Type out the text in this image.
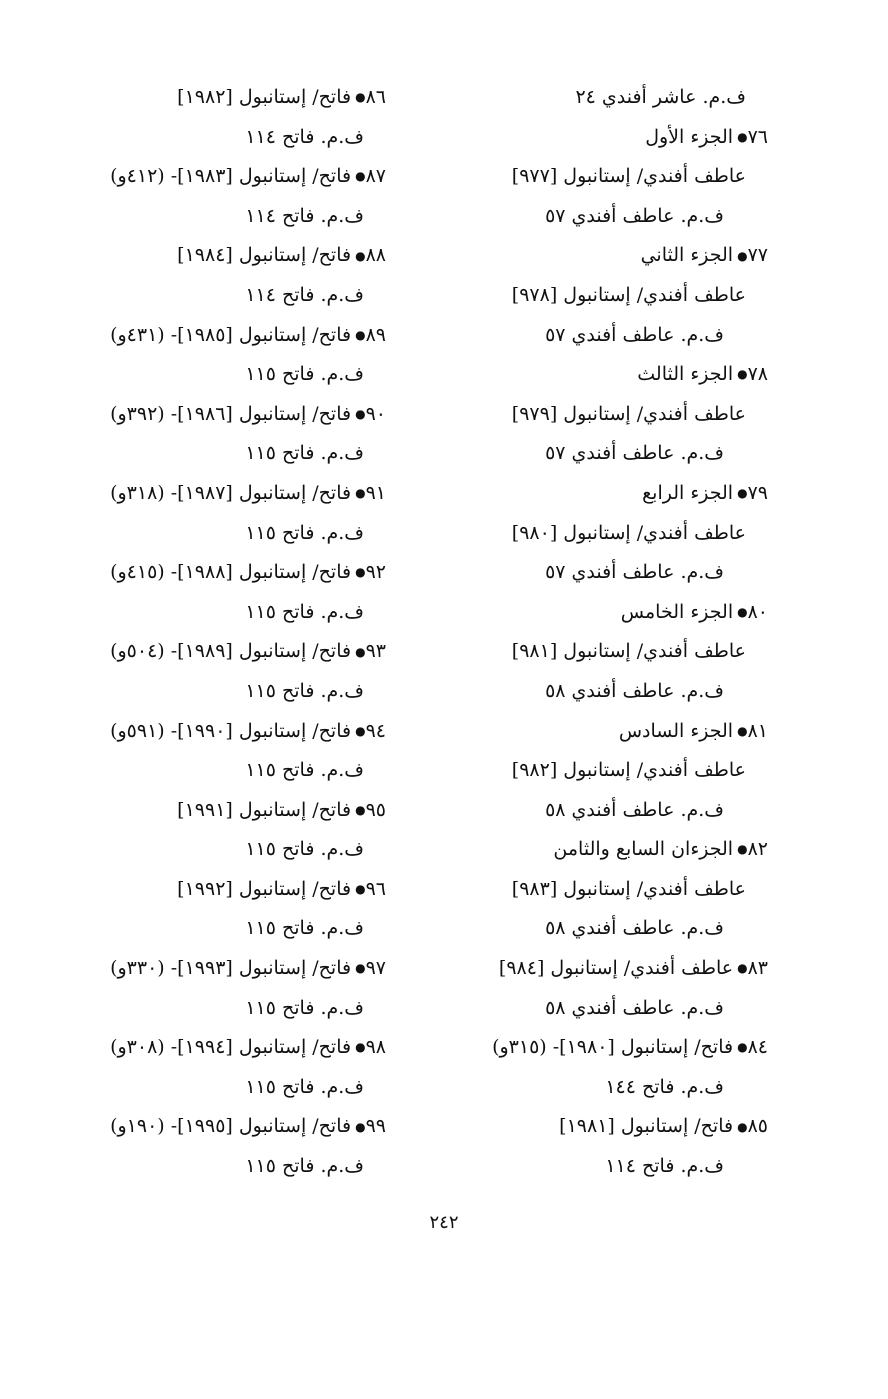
ف.م. عاشر أفندي ٢٤
٧٦●الجزء الأول
عاطف أفندي/ إستانبول [٩٧٧]
ف.م. عاطف أفندي ٥٧
٧٧●الجزء الثاني
عاطف أفندي/ إستانبول [٩٧٨]
ف.م. عاطف أفندي ٥٧
٧٨●الجزء الثالث
عاطف أفندي/ إستانبول [٩٧٩]
ف.م. عاطف أفندي ٥٧
٧٩●الجزء الرابع
عاطف أفندي/ إستانبول [٩٨٠]
ف.م. عاطف أفندي ٥٧
٨٠●الجزء الخامس
عاطف أفندي/ إستانبول [٩٨١]
ف.م. عاطف أفندي ٥٨
٨١●الجزء السادس
عاطف أفندي/ إستانبول [٩٨٢]
ف.م. عاطف أفندي ٥٨
٨٢●الجزءان السابع والثامن
عاطف أفندي/ إستانبول [٩٨٣]
ف.م. عاطف أفندي ٥٨
٨٣●عاطف أفندي/ إستانبول [٩٨٤]
ف.م. عاطف أفندي ٥٨
٨٤●فاتح/ إستانبول [١٩٨٠]- (٣١٥و)
ف.م. فاتح ١٤٤
٨٥●فاتح/ إستانبول [١٩٨١]
ف.م. فاتح ١١٤
٨٦●فاتح/ إستانبول [١٩٨٢]
ف.م. فاتح ١١٤
٨٧●فاتح/ إستانبول [١٩٨٣]- (٤١٢و)
ف.م. فاتح ١١٤
٨٨●فاتح/ إستانبول [١٩٨٤]
ف.م. فاتح ١١٤
٨٩●فاتح/ إستانبول [١٩٨٥]- (٤٣١و)
ف.م. فاتح ١١٥
٩٠●فاتح/ إستانبول [١٩٨٦]- (٣٩٢و)
ف.م. فاتح ١١٥
٩١●فاتح/ إستانبول [١٩٨٧]- (٣١٨و)
ف.م. فاتح ١١٥
٩٢●فاتح/ إستانبول [١٩٨٨]- (٤١٥و)
ف.م. فاتح ١١٥
٩٣●فاتح/ إستانبول [١٩٨٩]- (٥٠٤و)
ف.م. فاتح ١١٥
٩٤●فاتح/ إستانبول [١٩٩٠]- (٥٩١و)
ف.م. فاتح ١١٥
٩٥●فاتح/ إستانبول [١٩٩١]
ف.م. فاتح ١١٥
٩٦●فاتح/ إستانبول [١٩٩٢]
ف.م. فاتح ١١٥
٩٧●فاتح/ إستانبول [١٩٩٣]- (٣٣٠و)
ف.م. فاتح ١١٥
٩٨●فاتح/ إستانبول [١٩٩٤]- (٣٠٨و)
ف.م. فاتح ١١٥
٩٩●فاتح/ إستانبول [١٩٩٥]- (١٩٠و)
ف.م. فاتح ١١٥
٢٤٢
